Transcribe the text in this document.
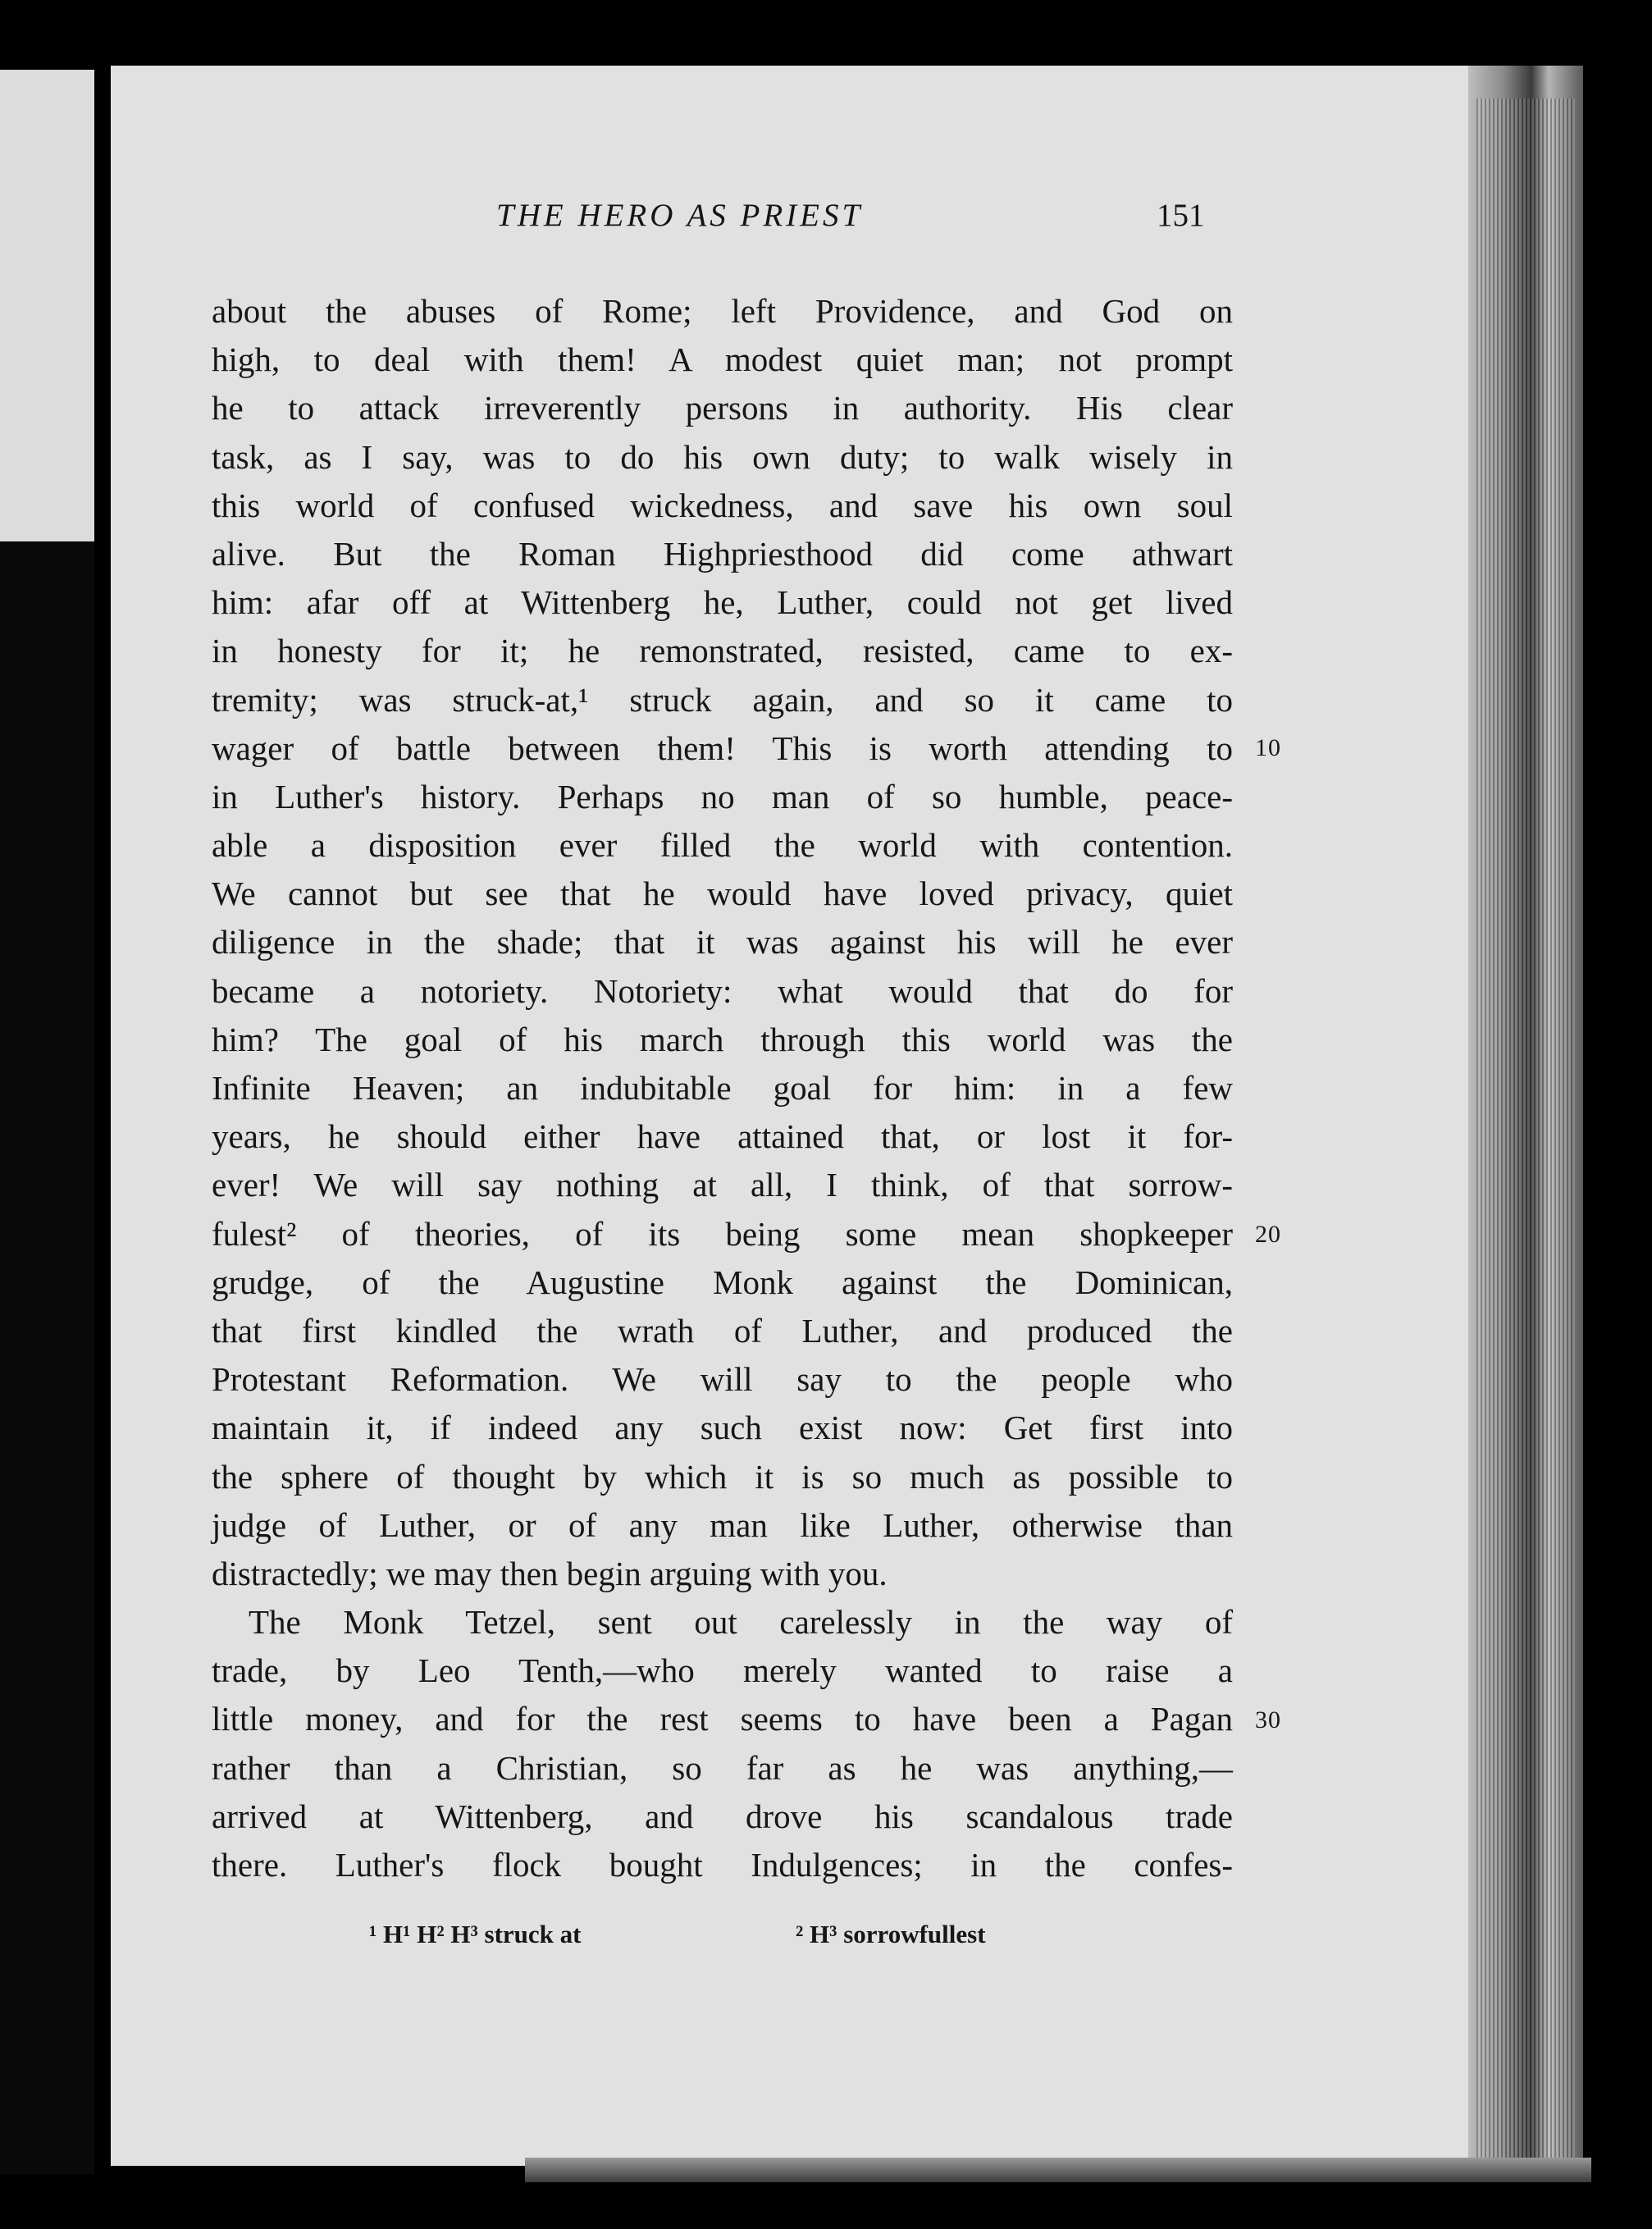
THE HERO AS PRIEST	151
about the abuses of Rome; left Providence, and God on
high, to deal with them! A modest quiet man; not prompt
he to attack irreverently persons in authority. His clear
task, as I say, was to do his own duty; to walk wisely in
this world of confused wickedness, and save his own soul
alive. But the Roman Highpriesthood did come athwart
him: afar off at Wittenberg he, Luther, could not get lived
in honesty for it; he remonstrated, resisted, came to ex-
tremity; was struck-at,¹ struck again, and so it came to
wager of battle between them! This is worth attending to
in Luther's history. Perhaps no man of so humble, peace-
able a disposition ever filled the world with contention.
We cannot but see that he would have loved privacy, quiet
diligence in the shade; that it was against his will he ever
became a notoriety. Notoriety: what would that do for
him? The goal of his march through this world was the
Infinite Heaven; an indubitable goal for him: in a few
years, he should either have attained that, or lost it for-
ever! We will say nothing at all, I think, of that sorrow-
fulest² of theories, of its being some mean shopkeeper
grudge, of the Augustine Monk against the Dominican,
that first kindled the wrath of Luther, and produced the
Protestant Reformation. We will say to the people who
maintain it, if indeed any such exist now: Get first into
the sphere of thought by which it is so much as possible to
judge of Luther, or of any man like Luther, otherwise than
distractedly; we may then begin arguing with you.
The Monk Tetzel, sent out carelessly in the way of
trade, by Leo Tenth,—who merely wanted to raise a
little money, and for the rest seems to have been a Pagan
rather than a Christian, so far as he was anything,—
arrived at Wittenberg, and drove his scandalous trade
there. Luther's flock bought Indulgences; in the confes-
10
20
30
¹ H¹ H² H³ struck at	² H³ sorrowfullest
